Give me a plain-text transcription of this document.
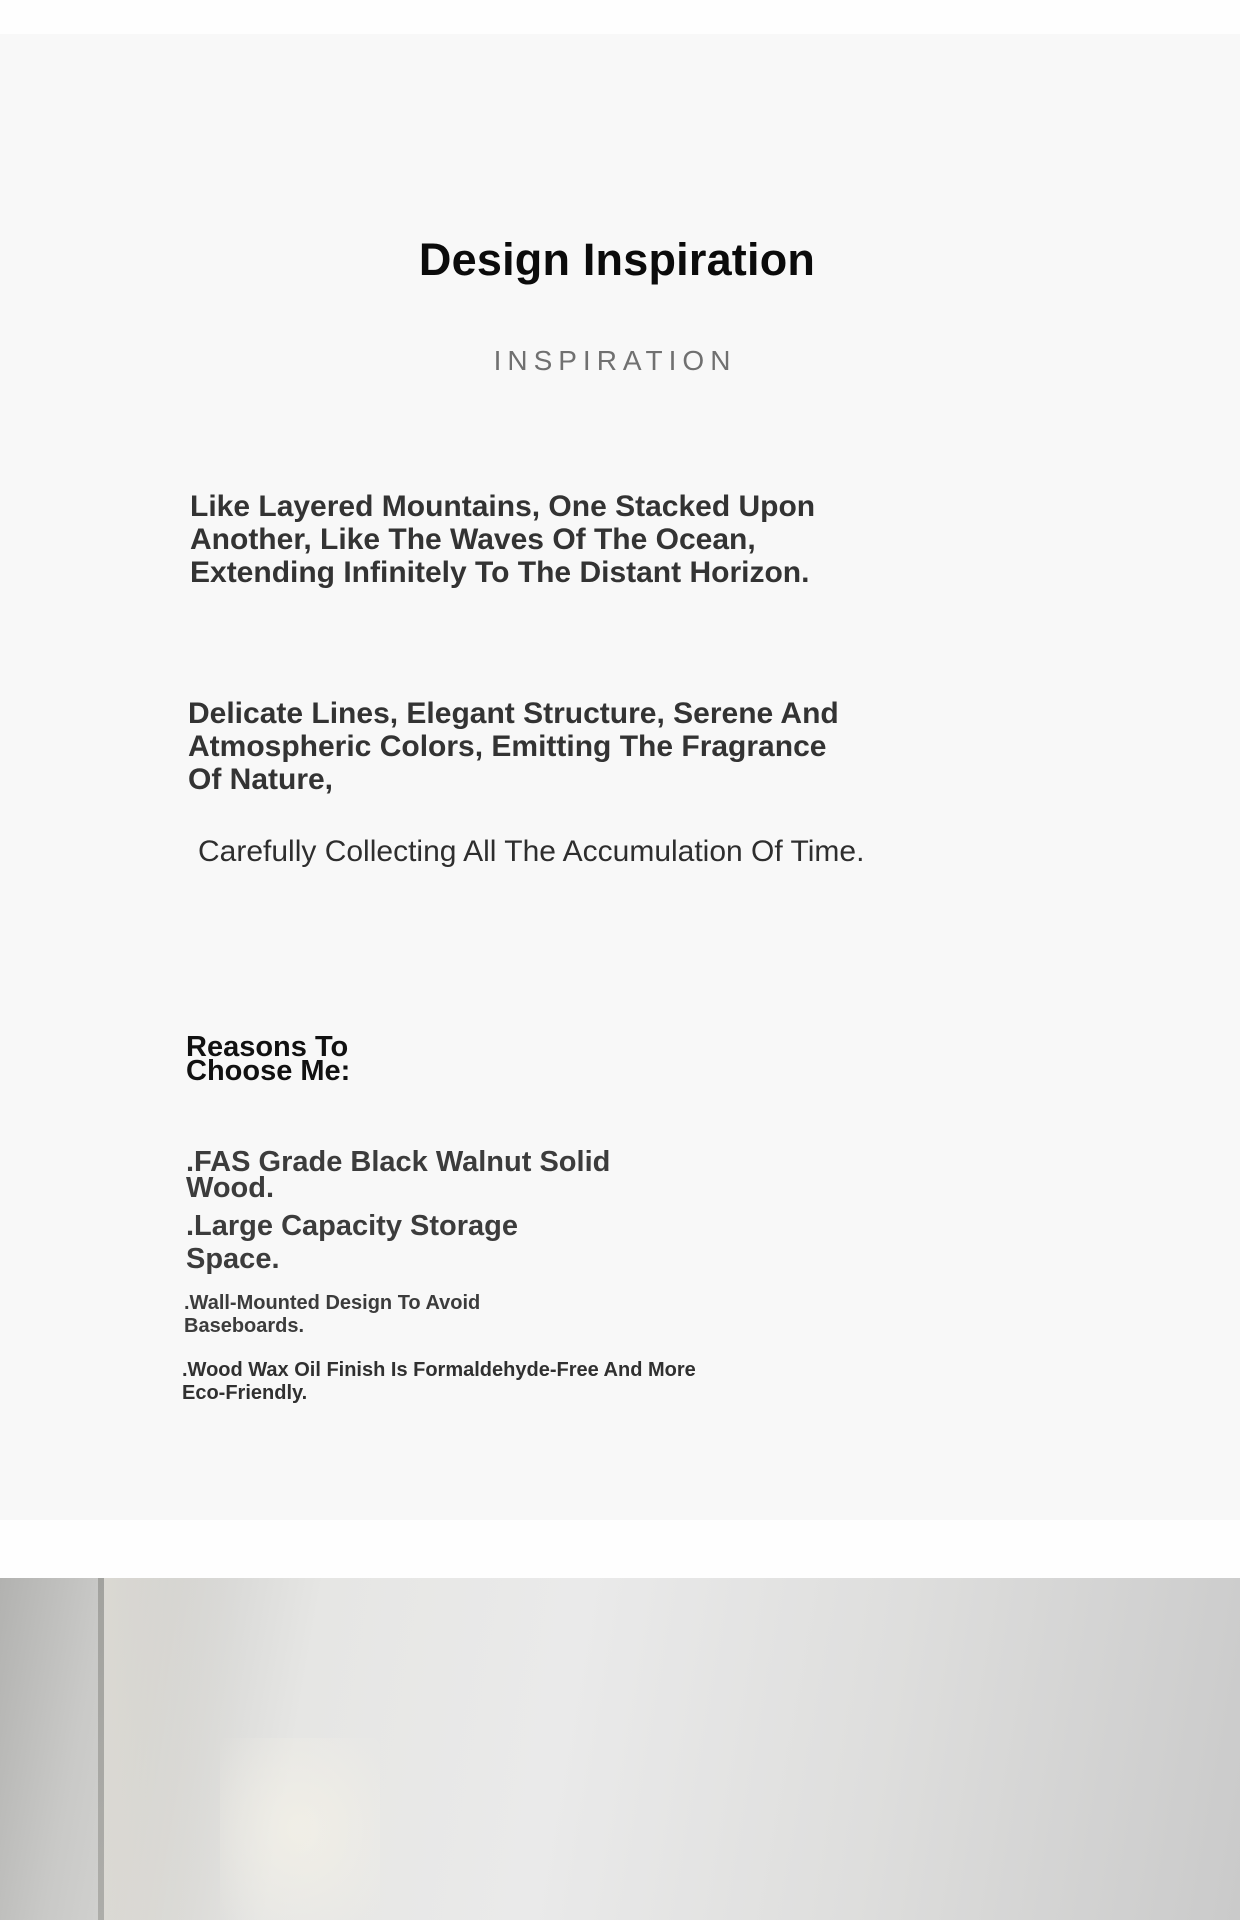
Design Inspiration
INSPIRATION

Like Layered Mountains, One Stacked Upon Another, Like The Waves Of The Ocean, Extending Infinitely To The Distant Horizon.

Delicate Lines, Elegant Structure, Serene And Atmospheric Colors, Emitting The Fragrance Of Nature,

Carefully Collecting All The Accumulation Of Time.

Reasons To Choose Me:
.FAS Grade Black Walnut Solid Wood.
.Large Capacity Storage Space.
.Wall-Mounted Design To Avoid Baseboards.
.Wood Wax Oil Finish Is Formaldehyde-Free And More Eco-Friendly.
